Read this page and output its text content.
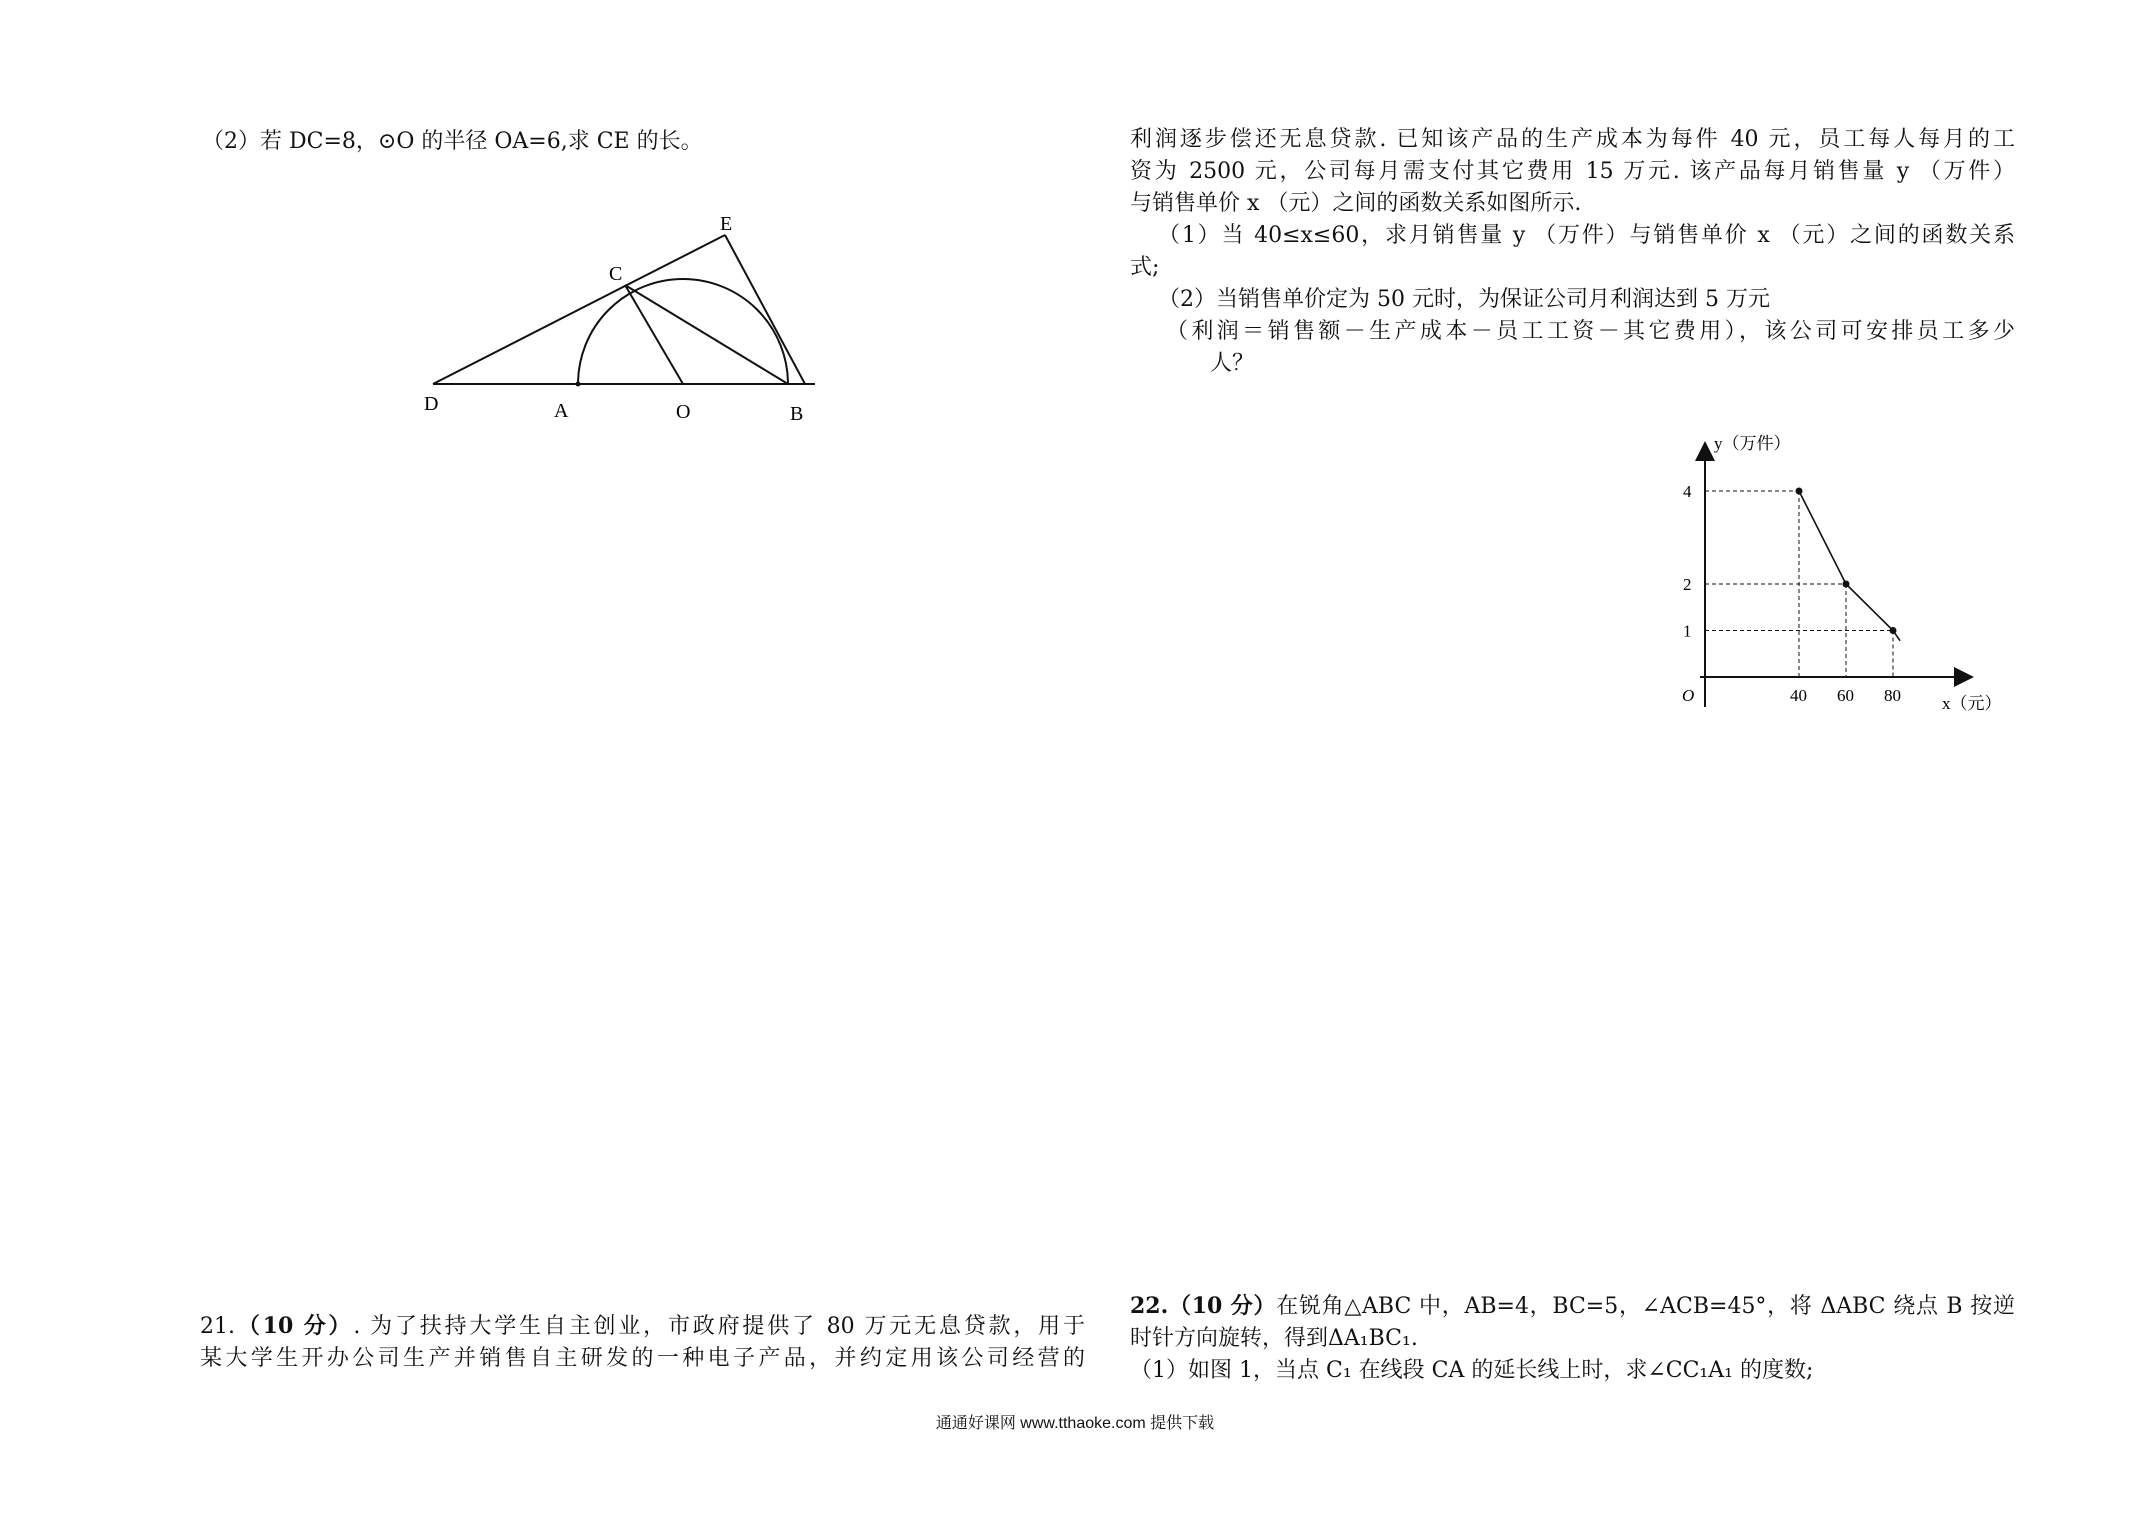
（2）若 DC=8，⊙O 的半径 OA=6,求 CE 的长。
D	A	O	B
C
E

21.（10 分）. 为了扶持大学生自主创业，市政府提供了 80 万元无息贷款，用于

某大学生开办公司生产并销售自主研发的一种电子产品，并约定用该公司经营的

利润逐步偿还无息贷款. 已知该产品的生产成本为每件 40 元，员工每人每月的工

资为 2500 元，公司每月需支付其它费用 15 万元. 该产品每月销售量 y （万件）

与销售单价 x （元）之间的函数关系如图所示.

（1）当 40≤x≤60，求月销售量 y （万件）与销售单价 x （元）之间的函数关系

式;

（2）当销售单价定为 50 元时，为保证公司月利润达到 5 万元

（利润＝销售额－生产成本－员工工资－其它费用），该公司可安排员工多少

人？

40 60 80
1
2
4
y（万件）
x（元）
O

22.（10 分）在锐角△ABC 中，AB=4，BC=5，∠ACB=45°，将 ΔABC 绕点 B 按逆

时针方向旋转，得到ΔA₁BC₁.

（1）如图 1，当点 C₁ 在线段 CA 的延长线上时，求∠CC₁A₁ 的度数;

通通好课网 www.tthaoke.com 提供下载
